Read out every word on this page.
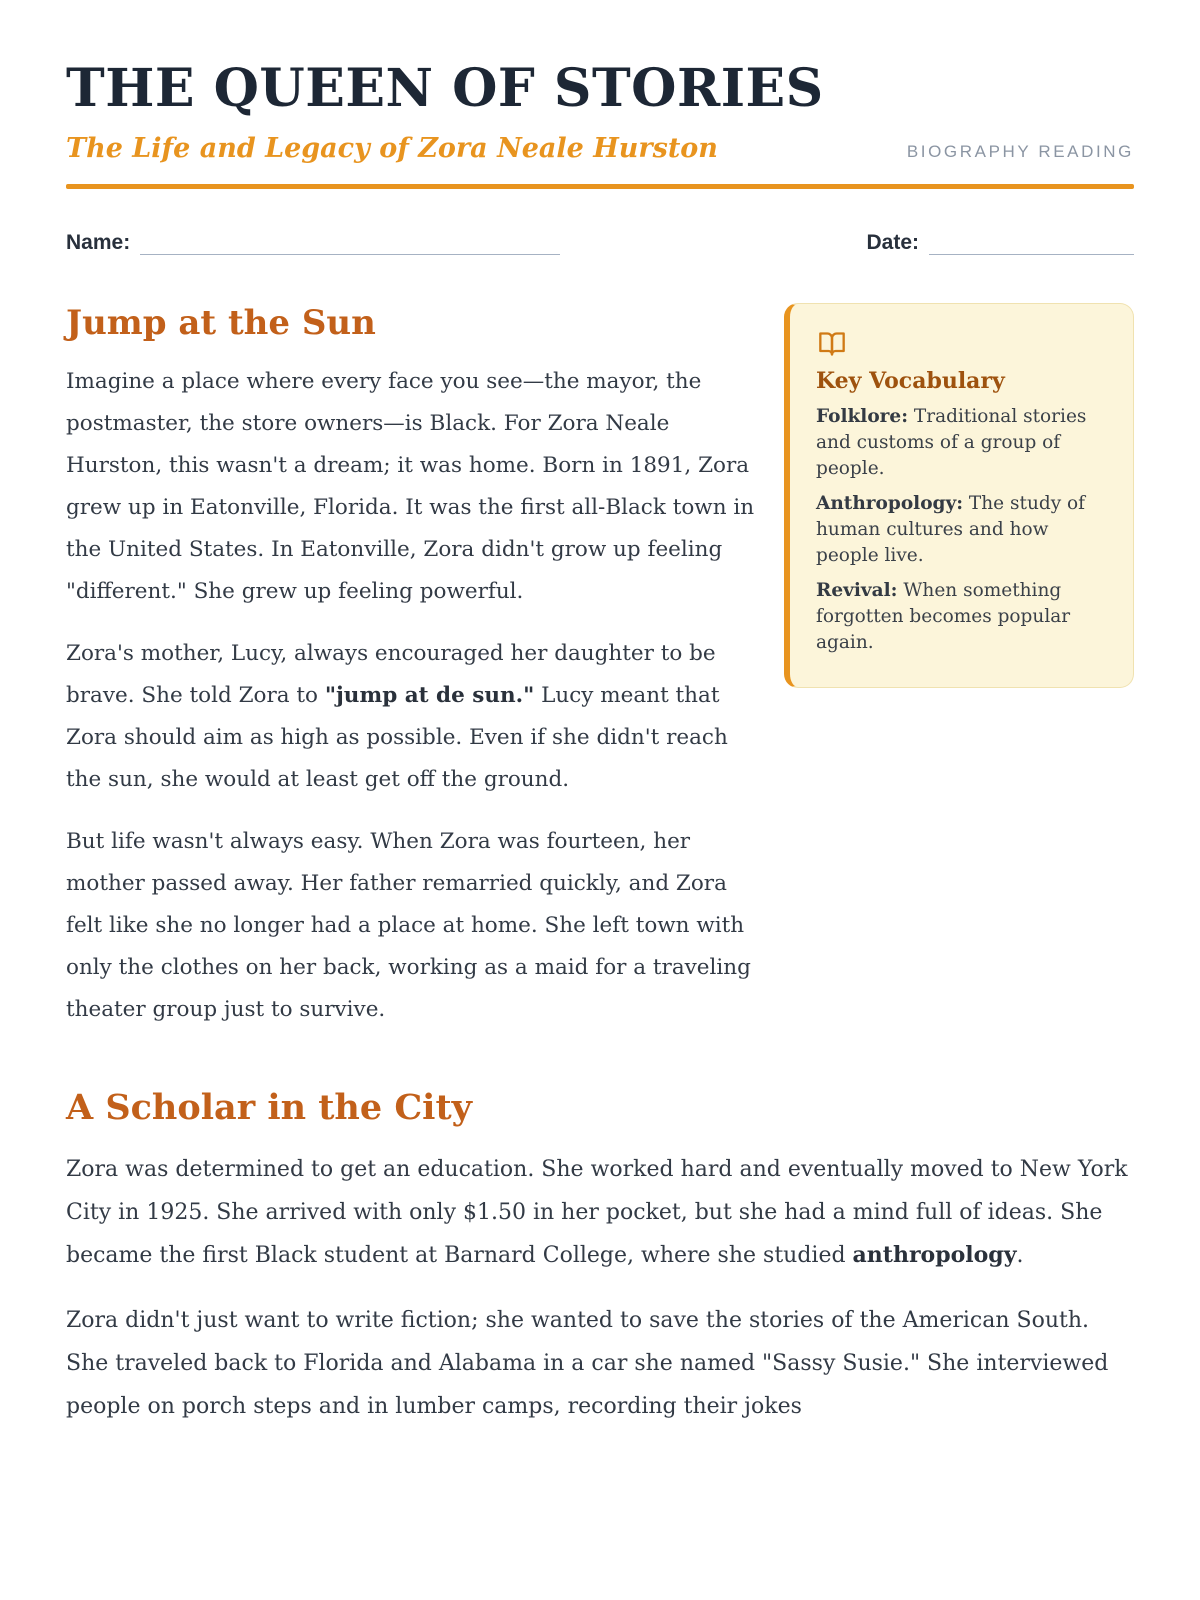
THE QUEEN OF STORIES
The Life and Legacy of Zora Neale Hurston	BIOGRAPHY READING
Name:	Date:
Jump at the Sun

Imagine a place where every face you see—the mayor, the postmaster, the store owners—is Black. For Zora Neale Hurston, this wasn't a dream; it was home. Born in 1891, Zora grew up in Eatonville, Florida. It was the first all-Black town in the United States. In Eatonville, Zora didn't grow up feeling "different." She grew up feeling powerful.

Zora's mother, Lucy, always encouraged her daughter to be brave. She told Zora to "jump at de sun." Lucy meant that Zora should aim as high as possible. Even if she didn't reach the sun, she would at least get off the ground.

But life wasn't always easy. When Zora was fourteen, her mother passed away. Her father remarried quickly, and Zora felt like she no longer had a place at home. She left town with only the clothes on her back, working as a maid for a traveling theater group just to survive.

Key Vocabulary
Folklore: Traditional stories and customs of a group of people.
Anthropology: The study of human cultures and how people live.
Revival: When something forgotten becomes popular again.
A Scholar in the City

Zora was determined to get an education. She worked hard and eventually moved to New York City in 1925. She arrived with only $1.50 in her pocket, but she had a mind full of ideas. She became the first Black student at Barnard College, where she studied anthropology.

Zora didn't just want to write fiction; she wanted to save the stories of the American South. She traveled back to Florida and Alabama in a car she named "Sassy Susie." She interviewed people on porch steps and in lumber camps, recording their jokes
